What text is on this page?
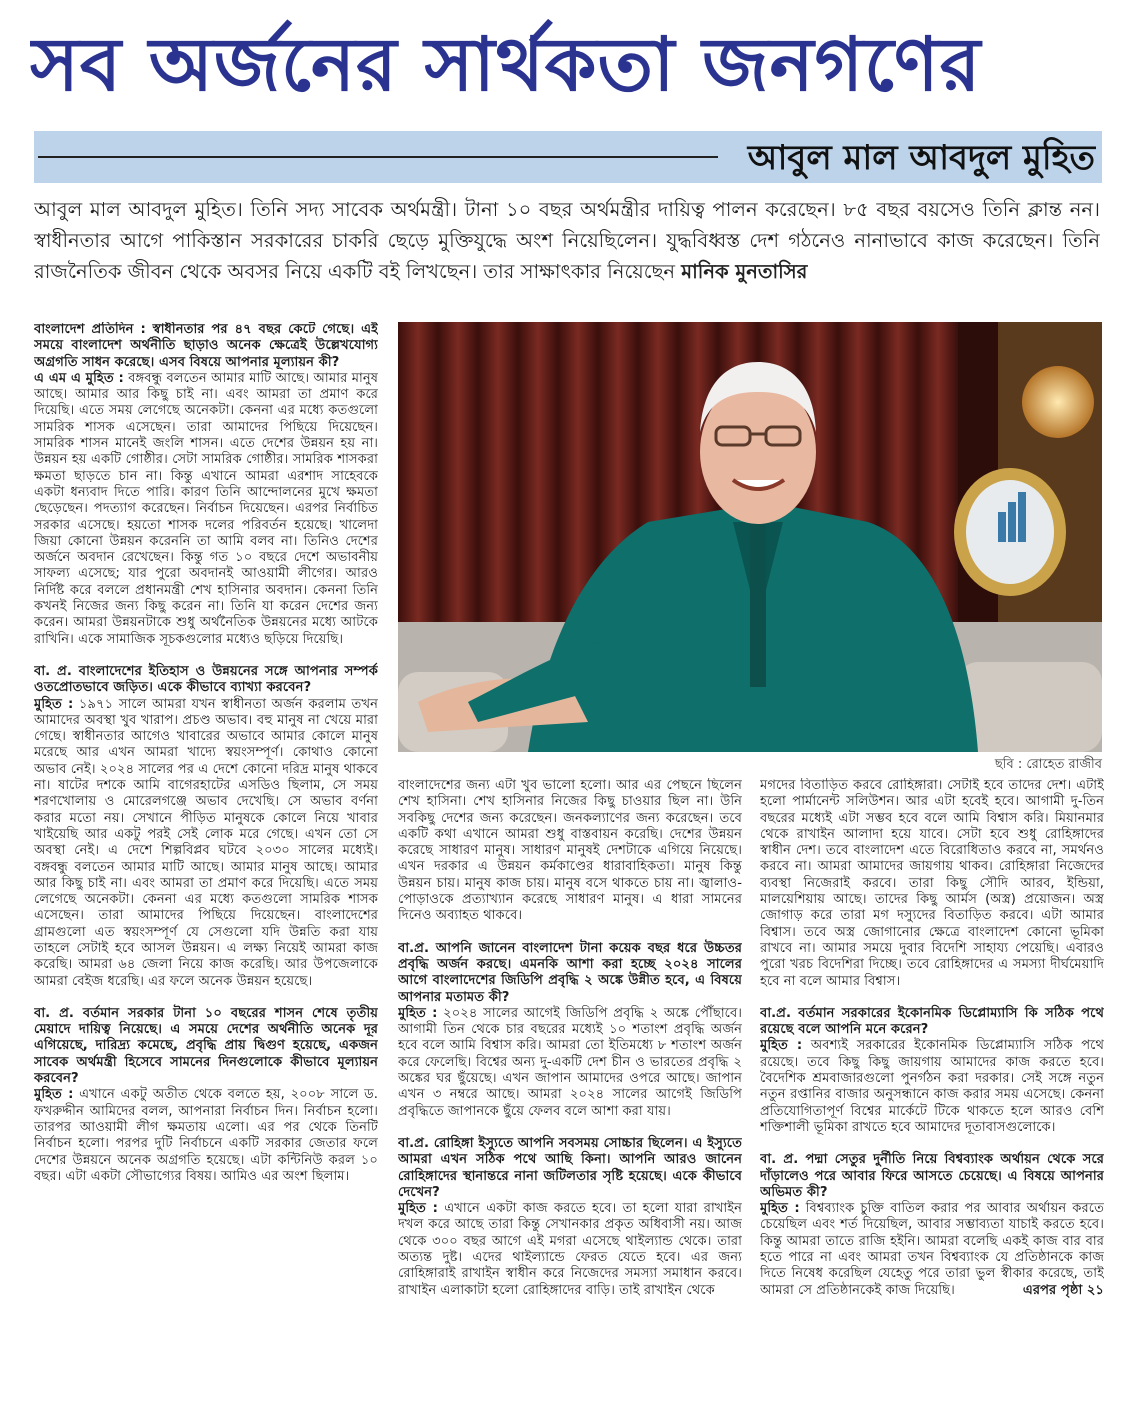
সব অর্জনের সার্থকতা জনগণের
আবুল মাল আবদুল মুহিত
আবুল মাল আবদুল মুহিত। তিনি সদ্য সাবেক অর্থমন্ত্রী। টানা ১০ বছর অর্থমন্ত্রীর দায়িত্ব পালন করেছেন। ৮৫ বছর বয়সেও তিনি ক্লান্ত নন। স্বাধীনতার আগে পাকিস্তান সরকারের চাকরি ছেড়ে মুক্তিযুদ্ধে অংশ নিয়েছিলেন। যুদ্ধবিধ্বস্ত দেশ গঠনেও নানাভাবে কাজ করেছেন। তিনি রাজনৈতিক জীবন থেকে অবসর নিয়ে একটি বই লিখছেন। তার সাক্ষাৎকার নিয়েছেন মানিক মুনতাসির
বাংলাদেশ প্রতিদিন : স্বাধীনতার পর ৪৭ বছর কেটে গেছে। এই সময়ে বাংলাদেশ অর্থনীতি ছাড়াও অনেক ক্ষেত্রেই উল্লেখযোগ্য অগ্রগতি সাধন করেছে। এসব বিষয়ে আপনার মূল্যায়ন কী?
এ এম এ মুহিত : বঙ্গবন্ধু বলতেন আমার মাটি আছে। আমার মানুষ আছে। আমার আর কিছু চাই না। এবং আমরা তা প্রমাণ করে দিয়েছি। এতে সময় লেগেছে অনেকটা। কেননা এর মধ্যে কতগুলো সামরিক শাসক এসেছেন। তারা আমাদের পিছিয়ে দিয়েছেন। সামরিক শাসন মানেই জংলি শাসন। এতে দেশের উন্নয়ন হয় না। উন্নয়ন হয় একটি গোষ্ঠীর। সেটা সামরিক গোষ্ঠীর। সামরিক শাসকরা ক্ষমতা ছাড়তে চান না। কিন্তু এখানে আমরা এরশাদ সাহেবকে একটা ধন্যবাদ দিতে পারি। কারণ তিনি আন্দোলনের মুখে ক্ষমতা ছেড়েছেন। পদত্যাগ করেছেন। নির্বাচন দিয়েছেন। এরপর নির্বাচিত সরকার এসেছে। হয়তো শাসক দলের পরিবর্তন হয়েছে। খালেদা জিয়া কোনো উন্নয়ন করেননি তা আমি বলব না। তিনিও দেশের অর্জনে অবদান রেখেছেন। কিন্তু গত ১০ বছরে দেশে অভাবনীয় সাফল্য এসেছে; যার পুরো অবদানই আওয়ামী লীগের। আরও নির্দিষ্ট করে বললে প্রধানমন্ত্রী শেখ হাসিনার অবদান। কেননা তিনি কখনই নিজের জন্য কিছু করেন না। তিনি যা করেন দেশের জন্য করেন। আমরা উন্নয়নটাকে শুধু অর্থনৈতিক উন্নয়নের মধ্যে আটকে রাখিনি। একে সামাজিক সূচকগুলোর মধ্যেও ছড়িয়ে দিয়েছি।
বা. প্র. বাংলাদেশের ইতিহাস ও উন্নয়নের সঙ্গে আপনার সম্পর্ক ওতপ্রোতভাবে জড়িত। একে কীভাবে ব্যাখ্যা করবেন?
মুহিত : ১৯৭১ সালে আমরা যখন স্বাধীনতা অর্জন করলাম তখন আমাদের অবস্থা খুব খারাপ। প্রচণ্ড অভাব। বহু মানুষ না খেয়ে মারা গেছে। স্বাধীনতার আগেও খাবারের অভাবে আমার কোলে মানুষ মরেছে আর এখন আমরা খাদ্যে স্বয়ংসম্পূর্ণ। কোথাও কোনো অভাব নেই। ২০২৪ সালের পর এ দেশে কোনো দরিদ্র মানুষ থাকবে না। ষাটের দশকে আমি বাগেরহাটের এসডিও ছিলাম, সে সময় শরণখোলায় ও মোরেলগঞ্জে অভাব দেখেছি। সে অভাব বর্ণনা করার মতো নয়। সেখানে পীড়িত মানুষকে কোলে নিয়ে খাবার খাইয়েছি আর একটু পরই সেই লোক মরে গেছে। এখন তো সে অবস্থা নেই। এ দেশে শিল্পবিপ্লব ঘটবে ২০৩০ সালের মধ্যেই। বঙ্গবন্ধু বলতেন আমার মাটি আছে। আমার মানুষ আছে। আমার আর কিছু চাই না। এবং আমরা তা প্রমাণ করে দিয়েছি। এতে সময় লেগেছে অনেকটা। কেননা এর মধ্যে কতগুলো সামরিক শাসক এসেছেন। তারা আমাদের পিছিয়ে দিয়েছেন। বাংলাদেশের গ্রামগুলো এত স্বয়ংসম্পূর্ণ যে সেগুলো যদি উন্নতি করা যায় তাহলে সেটাই হবে আসল উন্নয়ন। এ লক্ষ্য নিয়েই আমরা কাজ করেছি। আমরা ৬৪ জেলা নিয়ে কাজ করেছি। আর উপজেলাকে আমরা বেইজ ধরেছি। এর ফলে অনেক উন্নয়ন হয়েছে।
বা. প্র. বর্তমান সরকার টানা ১০ বছরের শাসন শেষে তৃতীয় মেয়াদে দায়িত্ব নিয়েছে। এ সময়ে দেশের অর্থনীতি অনেক দূর এগিয়েছে, দারিদ্র্য কমেছে, প্রবৃদ্ধি প্রায় দ্বিগুণ হয়েছে, একজন সাবেক অর্থমন্ত্রী হিসেবে সামনের দিনগুলোকে কীভাবে মূল্যায়ন করবেন?
মুহিত : এখানে একটু অতীত থেকে বলতে হয়, ২০০৮ সালে ড. ফখরুদ্দীন আমিদের বলল, আপনারা নির্বাচন দিন। নির্বাচন হলো। তারপর আওয়ামী লীগ ক্ষমতায় এলো। এর পর থেকে তিনটি নির্বাচন হলো। পরপর দুটি নির্বাচনে একটি সরকার জেতার ফলে দেশের উন্নয়নে অনেক অগ্রগতি হয়েছে। এটা কন্টিনিউ করল ১০ বছর। এটা একটা সৌভাগ্যের বিষয়। আমিও এর অংশ ছিলাম।
ছবি : রোহেত রাজীব
বাংলাদেশের জন্য এটা খুব ভালো হলো। আর এর পেছনে ছিলেন শেখ হাসিনা। শেখ হাসিনার নিজের কিছু চাওয়ার ছিল না। উনি সবকিছু দেশের জন্য করেছেন। জনকল্যাণের জন্য করেছেন। তবে একটি কথা এখানে আমরা শুধু বাস্তবায়ন করেছি। দেশের উন্নয়ন করেছে সাধারণ মানুষ। সাধারণ মানুষই দেশটাকে এগিয়ে নিয়েছে। এখন দরকার এ উন্নয়ন কর্মকাণ্ডের ধারাবাহিকতা। মানুষ কিন্তু উন্নয়ন চায়। মানুষ কাজ চায়। মানুষ বসে থাকতে চায় না। জ্বালাও-পোড়াওকে প্রত্যাখ্যান করেছে সাধারণ মানুষ। এ ধারা সামনের দিনেও অব্যাহত থাকবে।
বা.প্র. আপনি জানেন বাংলাদেশ টানা কয়েক বছর ধরে উচ্চতর প্রবৃদ্ধি অর্জন করছে। এমনকি আশা করা হচ্ছে ২০২৪ সালের আগে বাংলাদেশের জিডিপি প্রবৃদ্ধি ২ অঙ্কে উন্নীত হবে, এ বিষয়ে আপনার মতামত কী?
মুহিত : ২০২৪ সালের আগেই জিডিপি প্রবৃদ্ধি ২ অঙ্কে পৌঁছাবে। আগামী তিন থেকে চার বছরের মধ্যেই ১০ শতাংশ প্রবৃদ্ধি অর্জন হবে বলে আমি বিশ্বাস করি। আমরা তো ইতিমধ্যে ৮ শতাংশ অর্জন করে ফেলেছি। বিশ্বের অন্য দু-একটি দেশ চীন ও ভারতের প্রবৃদ্ধি ২ অঙ্কের ঘর ছুঁয়েছে। এখন জাপান আমাদের ওপরে আছে। জাপান এখন ৩ নম্বরে আছে। আমরা ২০২৪ সালের আগেই জিডিপি প্রবৃদ্ধিতে জাপানকে ছুঁয়ে ফেলব বলে আশা করা যায়।
বা.প্র. রোহিঙ্গা ইস্যুতে আপনি সবসময় সোচ্চার ছিলেন। এ ইস্যুতে আমরা এখন সঠিক পথে আছি কিনা। আপনি আরও জানেন রোহিঙ্গাদের স্থানান্তরে নানা জটিলতার সৃষ্টি হয়েছে। একে কীভাবে দেখেন?
মুহিত : এখানে একটা কাজ করতে হবে। তা হলো যারা রাখাইন দখল করে আছে তারা কিন্তু সেখানকার প্রকৃত অধিবাসী নয়। আজ থেকে ৩০০ বছর আগে এই মগরা এসেছে থাইল্যান্ড থেকে। তারা অত্যন্ত দুষ্ট। এদের থাইল্যান্ডে ফেরত যেতে হবে। এর জন্য রোহিঙ্গারাই রাখাইন স্বাধীন করে নিজেদের সমস্যা সমাধান করবে। রাখাইন এলাকাটা হলো রোহিঙ্গাদের বাড়ি। তাই রাখাইন থেকে
মগদের বিতাড়িত করবে রোহিঙ্গারা। সেটাই হবে তাদের দেশ। এটাই হলো পার্মানেন্ট সলিউশন। আর এটা হবেই হবে। আগামী দু-তিন বছরের মধ্যেই এটা সম্ভব হবে বলে আমি বিশ্বাস করি। মিয়ানমার থেকে রাখাইন আলাদা হয়ে যাবে। সেটা হবে শুধু রোহিঙ্গাদের স্বাধীন দেশ। তবে বাংলাদেশ এতে বিরোধিতাও করবে না, সমর্থনও করবে না। আমরা আমাদের জায়গায় থাকব। রোহিঙ্গারা নিজেদের ব্যবস্থা নিজেরাই করবে। তারা কিছু সৌদি আরব, ইন্ডিয়া, মালয়েশিয়ায় আছে। তাদের কিছু আর্মস (অস্ত্র) প্রয়োজন। অস্ত্র জোগাড় করে তারা মগ দস্যুদের বিতাড়িত করবে। এটা আমার বিশ্বাস। তবে অস্ত্র জোগানোর ক্ষেত্রে বাংলাদেশ কোনো ভূমিকা রাখবে না। আমার সময়ে দুবার বিদেশি সাহায্য পেয়েছি। এবারও পুরো খরচ বিদেশিরা দিচ্ছে। তবে রোহিঙ্গাদের এ সমস্যা দীর্ঘমেয়াদি হবে না বলে আমার বিশ্বাস।
বা.প্র. বর্তমান সরকারের ইকোনমিক ডিপ্লোম্যাসি কি সঠিক পথে রয়েছে বলে আপনি মনে করেন?
মুহিত : অবশ্যই সরকারের ইকোনমিক ডিপ্লোম্যাসি সঠিক পথে রয়েছে। তবে কিছু কিছু জায়গায় আমাদের কাজ করতে হবে। বৈদেশিক শ্রমবাজারগুলো পুনর্গঠন করা দরকার। সেই সঙ্গে নতুন নতুন রপ্তানির বাজার অনুসন্ধানে কাজ করার সময় এসেছে। কেননা প্রতিযোগিতাপূর্ণ বিশ্বের মার্কেটে টিকে থাকতে হলে আরও বেশি শক্তিশালী ভূমিকা রাখতে হবে আমাদের দূতাবাসগুলোকে।
বা. প্র. পদ্মা সেতুর দুর্নীতি নিয়ে বিশ্বব্যাংক অর্থায়ন থেকে সরে দাঁড়ালেও পরে আবার ফিরে আসতে চেয়েছে। এ বিষয়ে আপনার অভিমত কী?
মুহিত : বিশ্বব্যাংক চুক্তি বাতিল করার পর আবার অর্থায়ন করতে চেয়েছিল এবং শর্ত দিয়েছিল, আবার সম্ভাব্যতা যাচাই করতে হবে। কিন্তু আমরা তাতে রাজি হইনি। আমরা বলেছি একই কাজ বার বার হতে পারে না এবং আমরা তখন বিশ্বব্যাংক যে প্রতিষ্ঠানকে কাজ দিতে নিষেধ করেছিল যেহেতু পরে তারা ভুল স্বীকার করেছে, তাই আমরা সে প্রতিষ্ঠানকেই কাজ দিয়েছি।	এরপর পৃষ্ঠা ২১
